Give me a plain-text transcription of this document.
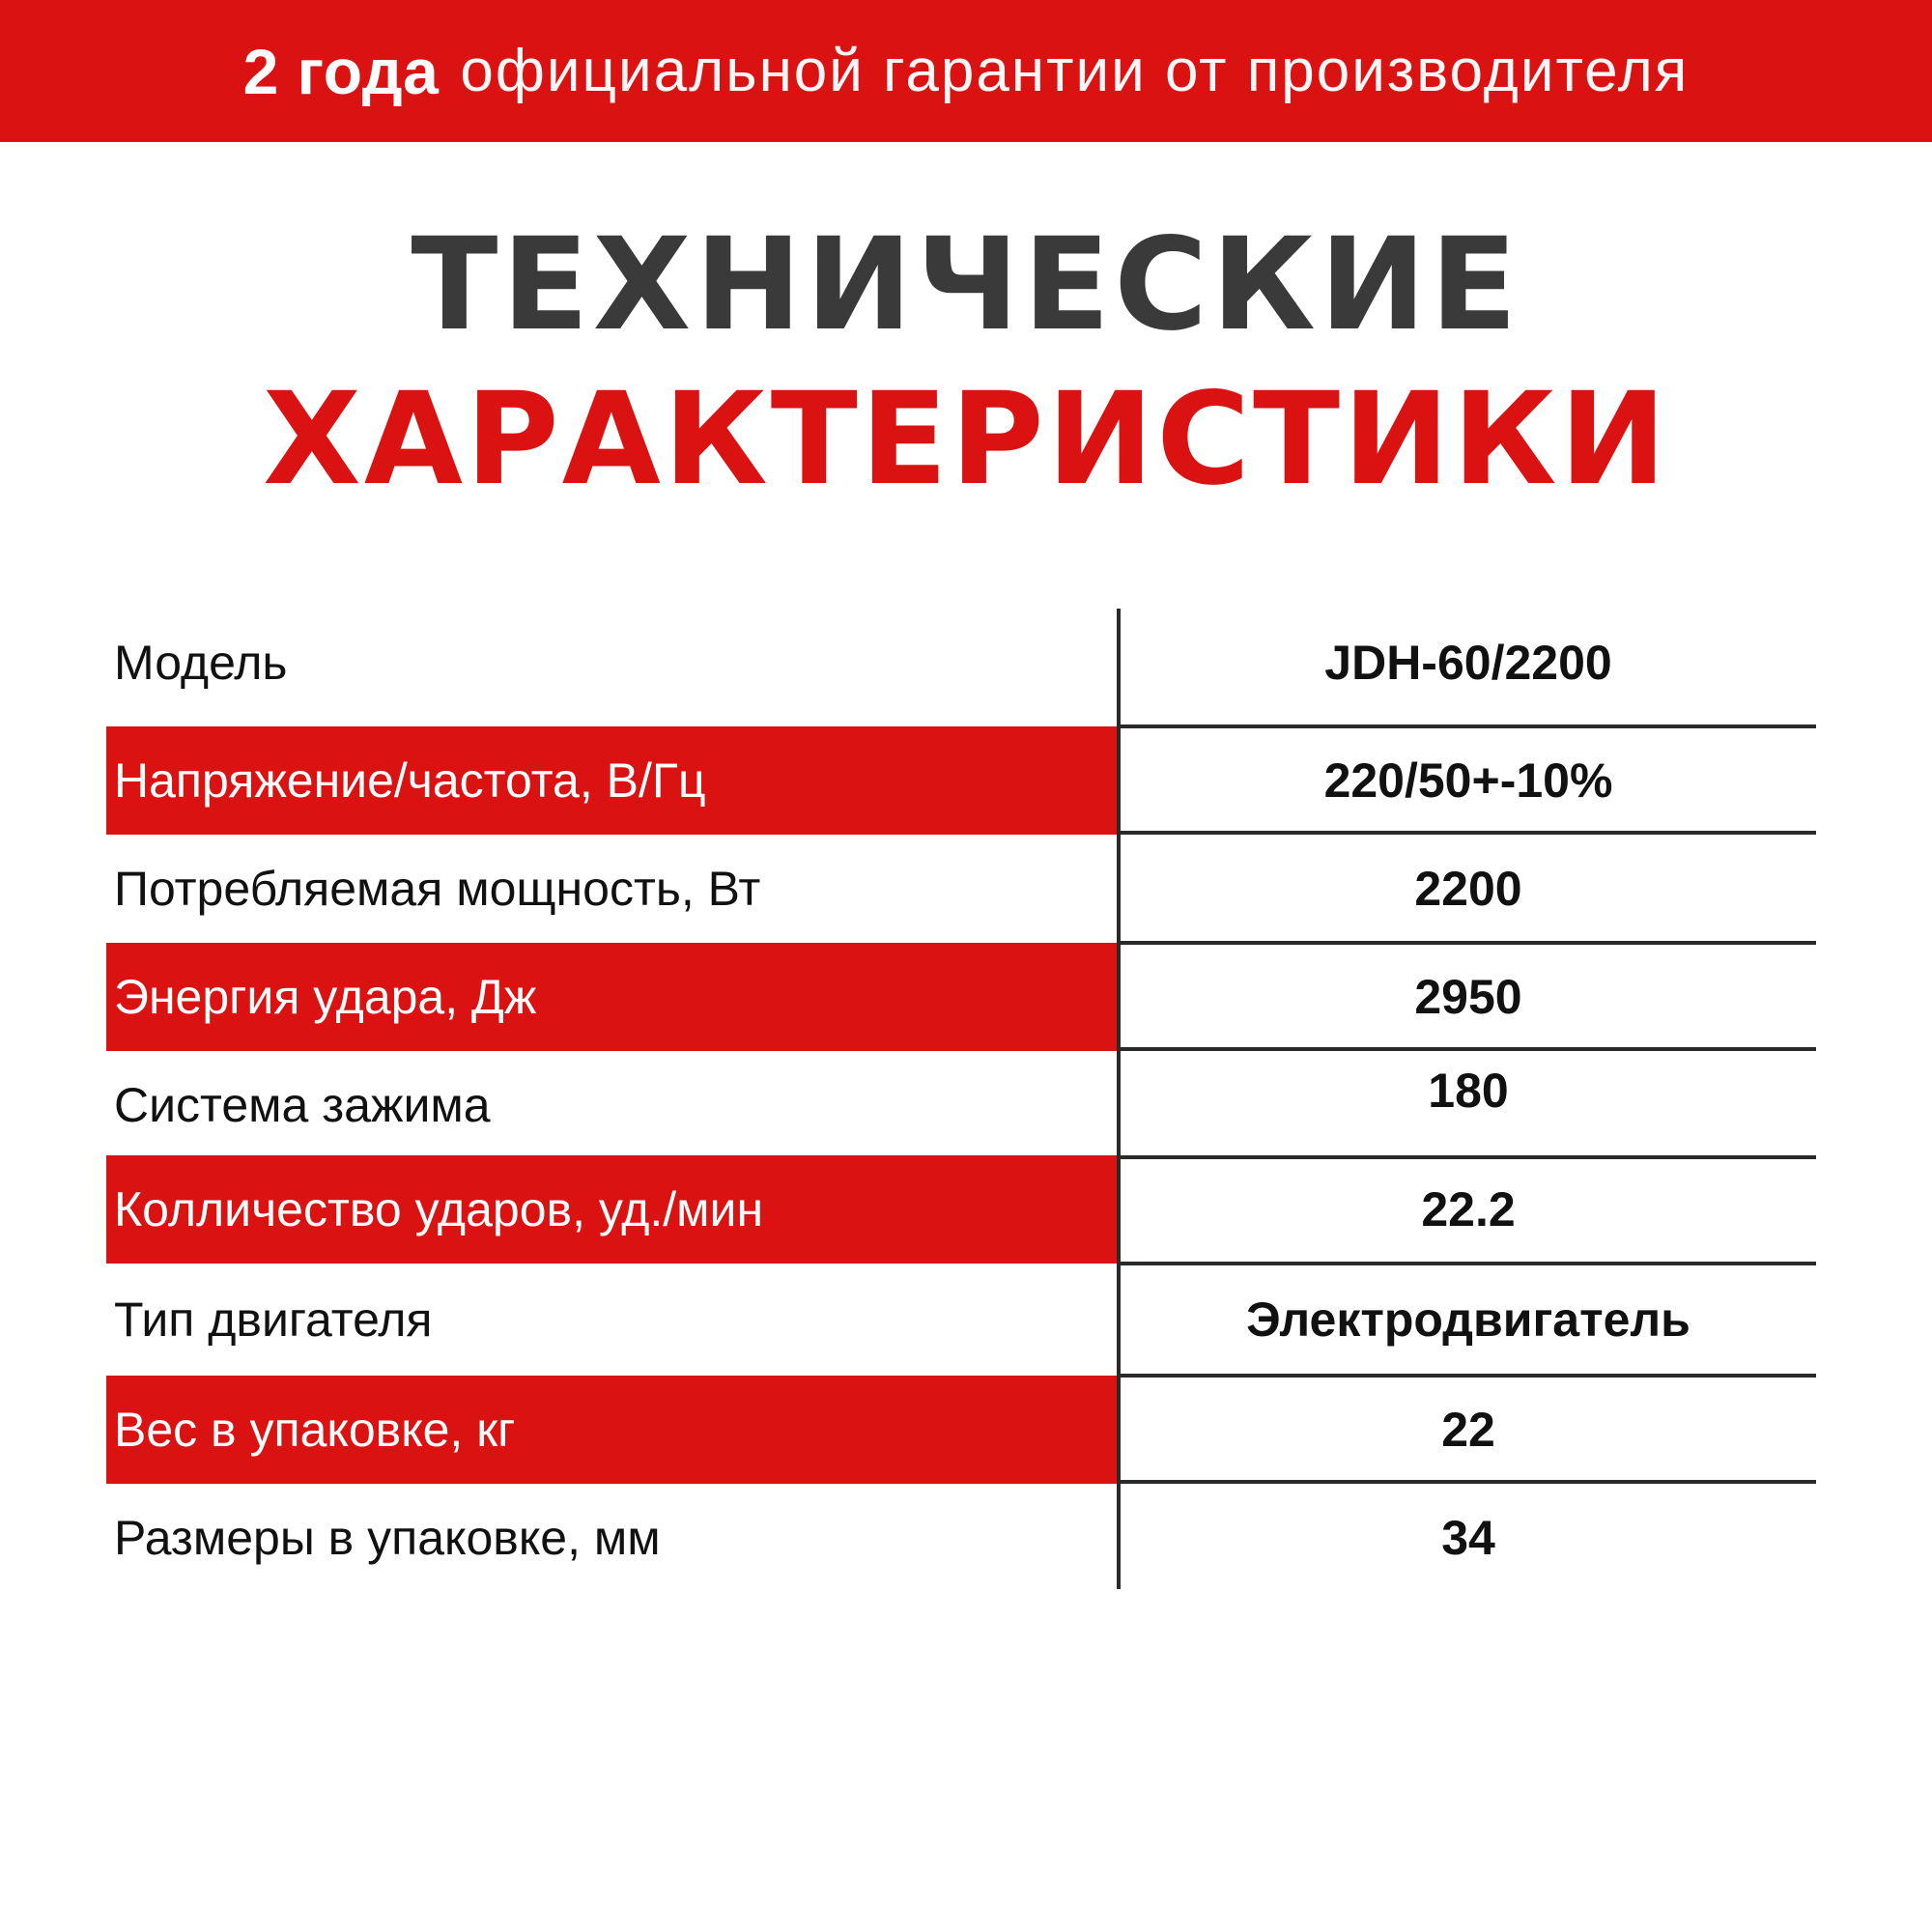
2 года официальной гарантии от производителя
ТЕХНИЧЕСКИЕ
ХАРАКТЕРИСТИКИ
Модель	JDH-60/2200
Напряжение/частота, В/Гц	220/50+-10%
Потребляемая мощность, Вт	2200
Энергия удара, Дж	2950
Система зажима	180
Колличество ударов, уд./мин	22.2
Тип двигателя	Электродвигатель
Вес в упаковке, кг	22
Размеры в упаковке, мм	34
